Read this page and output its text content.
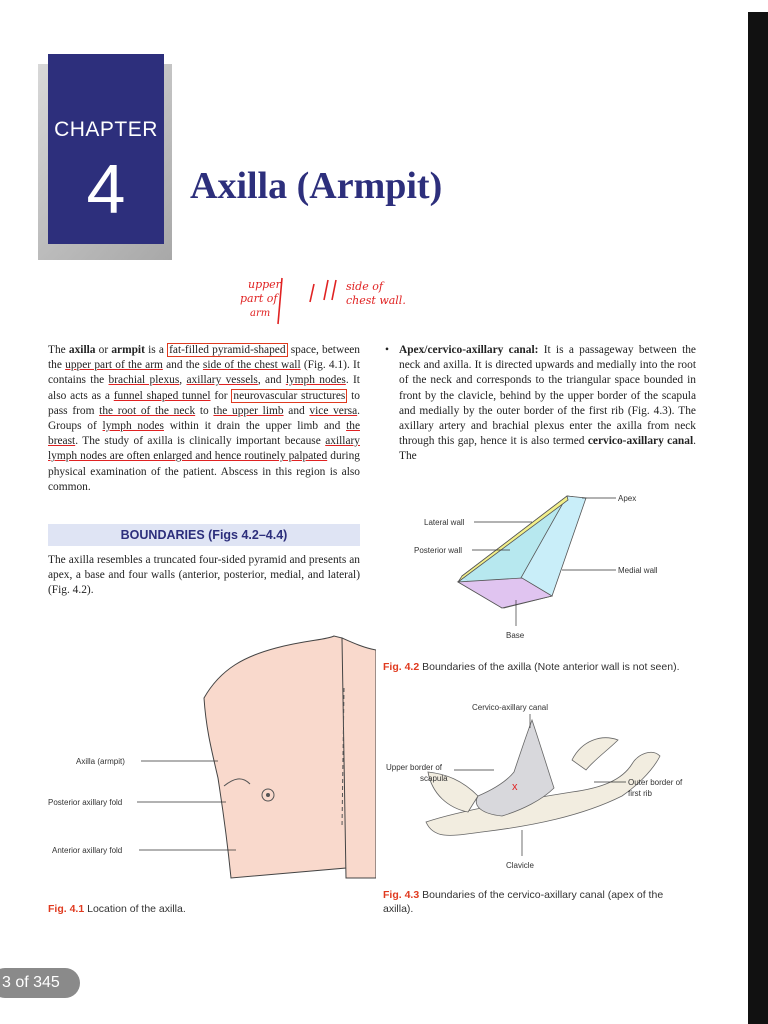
CHAPTER
4	Axilla (Armpit)
upper
part of
arm
side of
chest wall.
The axilla or armpit is a fat-filled pyramid-shaped space, between the upper part of the arm and the side of the chest wall (Fig. 4.1). It contains the brachial plexus, axillary vessels, and lymph nodes. It also acts as a funnel shaped tunnel for neurovascular structures to pass from the root of the neck to the upper limb and vice versa. Groups of lymph nodes within it drain the upper limb and the breast. The study of axilla is clinically important because axillary lymph nodes are often enlarged and hence routinely palpated during physical examination of the patient. Abscess in this region is also common.
• Apex/cervico-axillary canal: It is a passageway between the neck and axilla. It is directed upwards and medially into the root of the neck and corresponds to the triangular space bounded in front by the clavicle, behind by the upper border of the scapula and medially by the outer border of the first rib (Fig. 4.3). The axillary artery and brachial plexus enter the axilla from neck through this gap, hence it is also termed cervico-axillary canal. The
BOUNDARIES (Figs 4.2–4.4)
The axilla resembles a truncated four-sided pyramid and presents an apex, a base and four walls (anterior, posterior, medial, and lateral) (Fig. 4.2).
Axilla (armpit)
Posterior axillary fold
Anterior axillary fold
Fig. 4.1 Location of the axilla.
Apex
Lateral wall
Posterior wall
Medial wall
Base
Fig. 4.2 Boundaries of the axilla (Note anterior wall is not seen).
x
Cervico-axillary canal
Upper border of
scapula	Outer border of
first rib
Clavicle
Fig. 4.3 Boundaries of the cervico-axillary canal (apex of the axilla).
3 of 345
